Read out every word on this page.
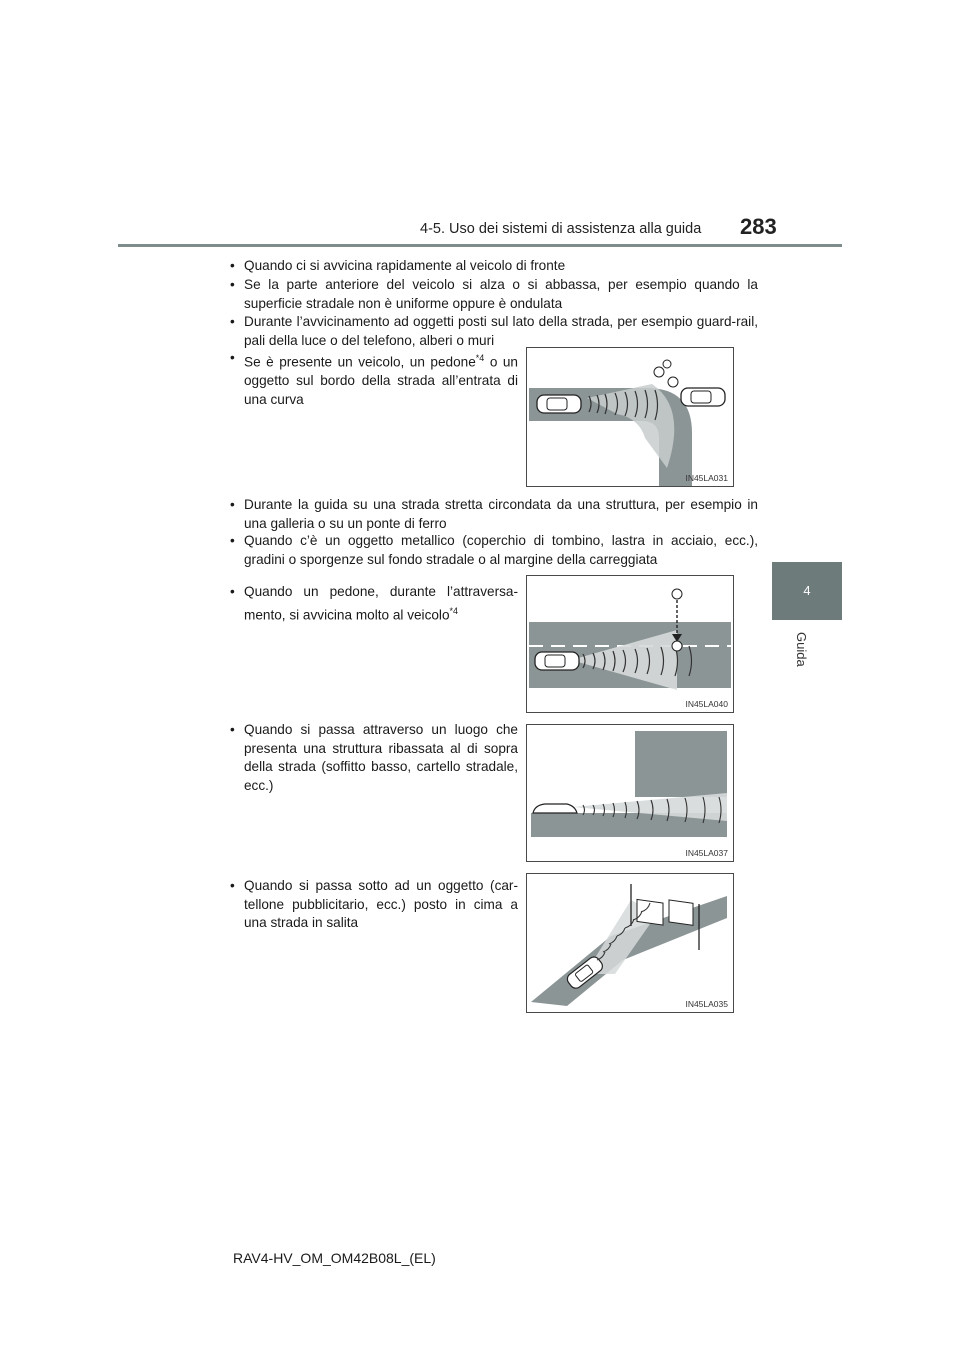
4-5. Uso dei sistemi di assistenza alla guida 283
4
Guida
• Quando ci si avvicina rapidamente al veicolo di fronte
• Se la parte anteriore del veicolo si alza o si abbassa, per esempio quando la superficie stradale non è uniforme oppure è ondulata
• Durante l’avvicinamento ad oggetti posti sul lato della strada, per esempio guard-rail, pali della luce o del telefono, alberi o muri
• Se è presente un veicolo, un pedone$^{*4}$ o un oggetto sul bordo della strada all’entrata di una curva
IN45LA031
• Durante la guida su una strada stretta circondata da una struttura, per esempio in una galleria o su un ponte di ferro
• Quando c’è un oggetto metallico (coperchio di tombino, lastra in acciaio, ecc.), gradini o sporgenze sul fondo stradale o al margine della carreggiata
• Quando un pedone, durante l’attraversa-mento, si avvicina molto al veicolo$^{*4}$
IN45LA040
• Quando si passa attraverso un luogo che presenta una struttura ribassata al di sopra della strada (soffitto basso, cartello stradale, ecc.)
IN45LA037
• Quando si passa sotto ad un oggetto (car-tellone pubblicitario, ecc.) posto in cima a una strada in salita
IN45LA035
RAV4-HV_OM_OM42B08L_(EL)
